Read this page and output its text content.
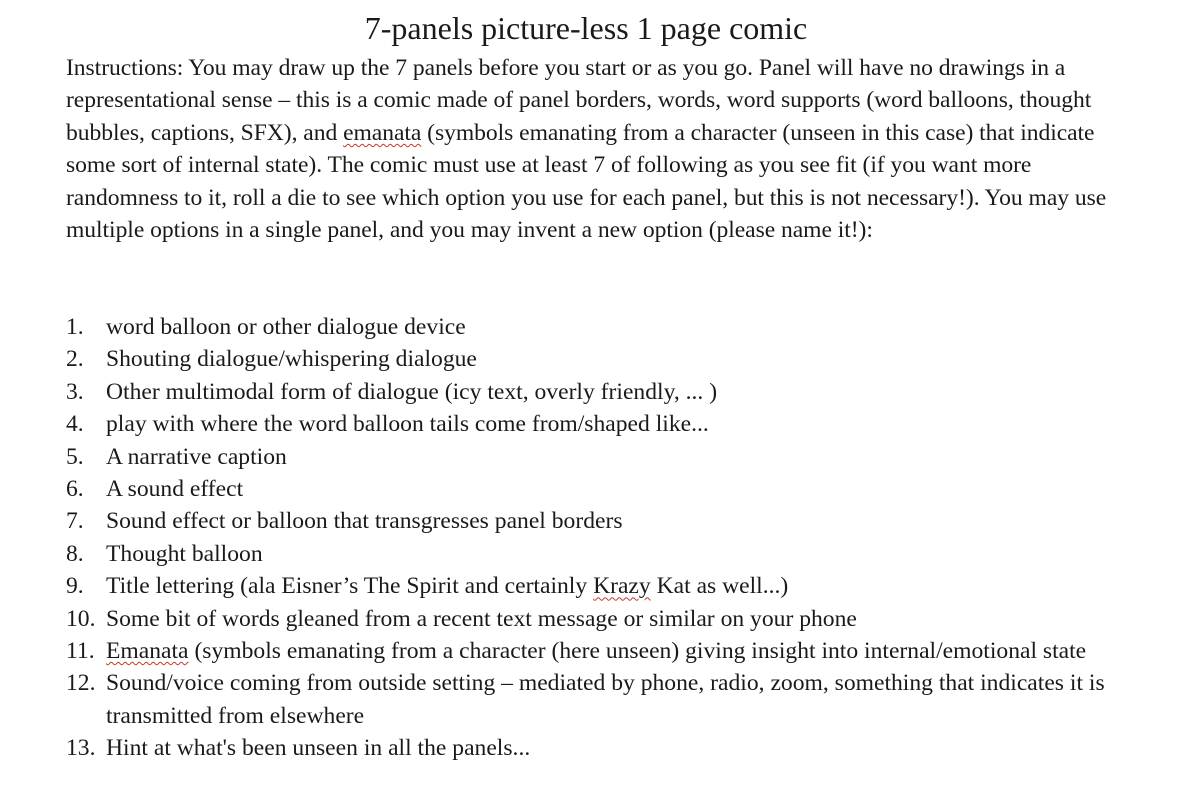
7-panels picture-less 1 page comic

Instructions: You may draw up the 7 panels before you start or as you go. Panel will have no drawings in a representational sense – this is a comic made of panel borders, words, word supports (word balloons, thought bubbles, captions, SFX), and emanata (symbols emanating from a character (unseen in this case) that indicate some sort of internal state). The comic must use at least 7 of following as you see fit (if you want more randomness to it, roll a die to see which option you use for each panel, but this is not necessary!). You may use multiple options in a single panel, and you may invent a new option (please name it!):

1. word balloon or other dialogue device
2. Shouting dialogue/whispering dialogue
3. Other multimodal form of dialogue (icy text, overly friendly, ... )
4. play with where the word balloon tails come from/shaped like...
5. A narrative caption
6. A sound effect
7. Sound effect or balloon that transgresses panel borders
8. Thought balloon
9. Title lettering (ala Eisner’s The Spirit and certainly Krazy Kat as well...)
10. Some bit of words gleaned from a recent text message or similar on your phone
11. Emanata (symbols emanating from a character (here unseen) giving insight into internal/emotional state
12. Sound/voice coming from outside setting – mediated by phone, radio, zoom, something that indicates it is transmitted from elsewhere
13. Hint at what's been unseen in all the panels...
